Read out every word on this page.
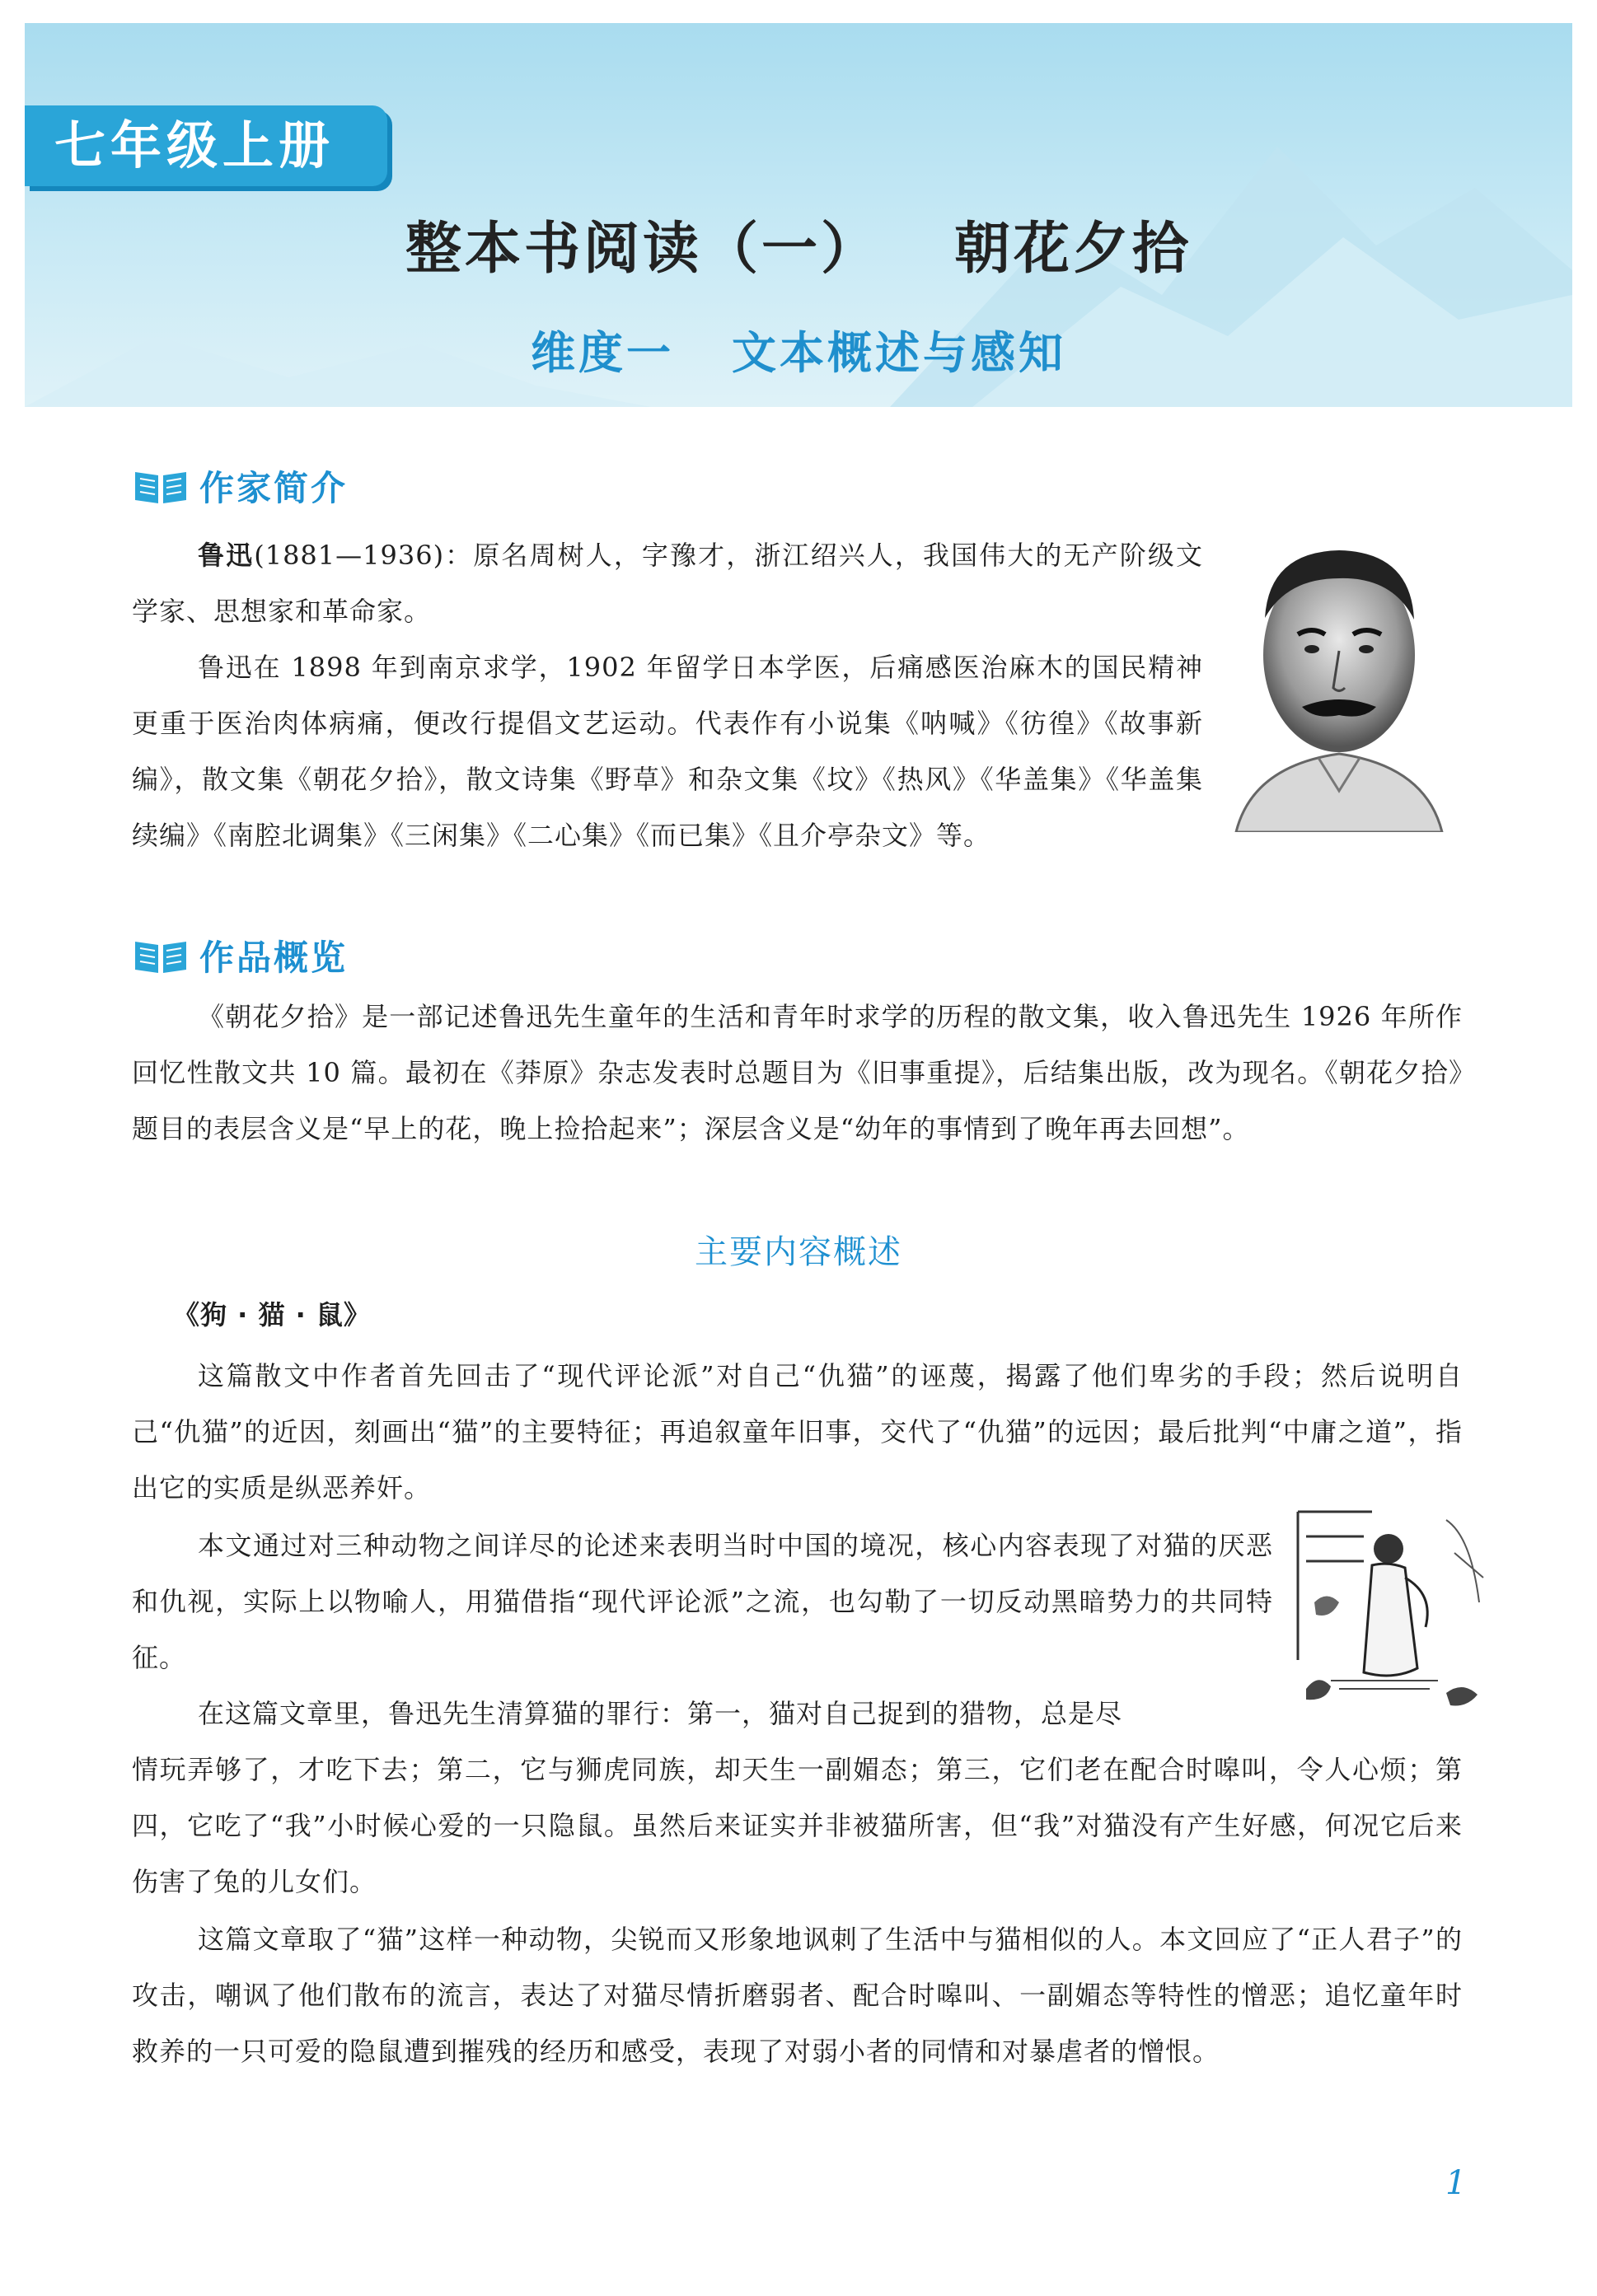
七年级上册
整本书阅读（一） 朝花夕拾
维度一 文本概述与感知
作家简介

鲁迅(1881—1936)：原名周树人，字豫才，浙江绍兴人，我国伟大的无产阶级文学家、思想家和革命家。

鲁迅在 1898 年到南京求学，1902 年留学日本学医，后痛感医治麻木的国民精神更重于医治肉体病痛，便改行提倡文艺运动。代表作有小说集《呐喊》《彷徨》《故事新编》，散文集《朝花夕拾》，散文诗集《野草》和杂文集《坟》《热风》《华盖集》《华盖集续编》《南腔北调集》《三闲集》《二心集》《而已集》《且介亭杂文》等。

作品概览

《朝花夕拾》是一部记述鲁迅先生童年的生活和青年时求学的历程的散文集，收入鲁迅先生 1926 年所作回忆性散文共 10 篇。最初在《莽原》杂志发表时总题目为《旧事重提》，后结集出版，改为现名。《朝花夕拾》题目的表层含义是“早上的花，晚上捡拾起来”；深层含义是“幼年的事情到了晚年再去回想”。

主要内容概述
《狗 · 猫 · 鼠》

这篇散文中作者首先回击了“现代评论派”对自己“仇猫”的诬蔑，揭露了他们卑劣的手段；然后说明自己“仇猫”的近因，刻画出“猫”的主要特征；再追叙童年旧事，交代了“仇猫”的远因；最后批判“中庸之道”，指出它的实质是纵恶养奸。

本文通过对三种动物之间详尽的论述来表明当时中国的境况，核心内容表现了对猫的厌恶和仇视，实际上以物喻人，用猫借指“现代评论派”之流，也勾勒了一切反动黑暗势力的共同特征。

在这篇文章里，鲁迅先生清算猫的罪行：第一，猫对自己捉到的猎物，总是尽

情玩弄够了，才吃下去；第二，它与狮虎同族，却天生一副媚态；第三，它们老在配合时嗥叫，令人心烦；第四，它吃了“我”小时候心爱的一只隐鼠。虽然后来证实并非被猫所害，但“我”对猫没有产生好感，何况它后来伤害了兔的儿女们。

这篇文章取了“猫”这样一种动物，尖锐而又形象地讽刺了生活中与猫相似的人。本文回应了“正人君子”的攻击，嘲讽了他们散布的流言，表达了对猫尽情折磨弱者、配合时嗥叫、一副媚态等特性的憎恶；追忆童年时救养的一只可爱的隐鼠遭到摧残的经历和感受，表现了对弱小者的同情和对暴虐者的憎恨。

1
